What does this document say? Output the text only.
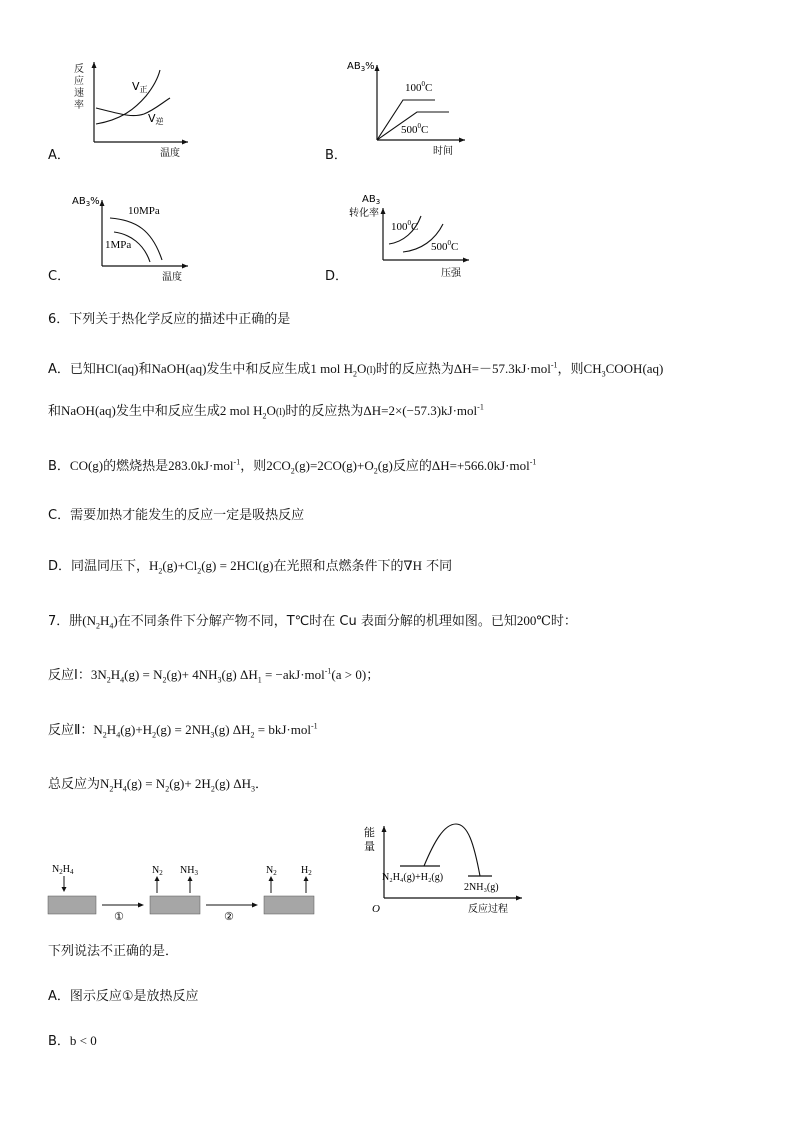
A．
反
应
速
率
V正
V逆
温度	B．
$AB_3\%$
$100^0C$
$500^0C$
时间
C．
$AB_3\%$
10MPa
1MPa
温度	D．
$AB_3$
转化率
$100^0C$
$500^0C$
压强
6．下列关于热化学反应的描述中正确的是
A．已知HCl(aq)和NaOH(aq)发生中和反应生成1 mol $H_2O(l)$时的反应热为ΔH=－57.3kJ·mol$^{-1}$，则$CH_3COOH(aq)$
和NaOH(aq)发生中和反应生成2 mol $H_2O(l)$时的反应热为ΔH=2×(−57.3)kJ·mol$^{-1}$
B．CO(g)的燃烧热是283.0kJ·mol$^{-1}$，则$2CO_2(g)=2CO(g)+O_2(g)$反应的ΔH=+566.0kJ·mol$^{-1}$
C．需要加热才能发生的反应一定是吸热反应
D．同温同压下，$H_2(g)+Cl_2(g) = 2HCl(g)$在光照和点燃条件下的∇H 不同
7．肼$(N_2H_4)$在不同条件下分解产物不同，T℃时在 Cu 表面分解的机理如图。已知200℃时：
反应Ⅰ：$3N_2H_4(g) = N_2(g)+ 4NH_3(g) \Delta H_1 = -akJ\cdot mol^{-1}(a > 0)$；
反应Ⅱ：$N_2H_4(g)+H_2(g) = 2NH_3(g) \Delta H_2 = bkJ\cdot mol^{-1}$
总反应为$N_2H_4(g) = N_2(g)+ 2H_2(g)$ $\Delta H_3$．
$N_2H_4$
①
$N_2$ $NH_3$
②
$N_2$ $H_2$
能
量
N₂H₄(g)+H₂(g)
2NH₃(g)
O	反应过程
下列说法不正确的是．
A．图示反应①是放热反应
B．b < 0
